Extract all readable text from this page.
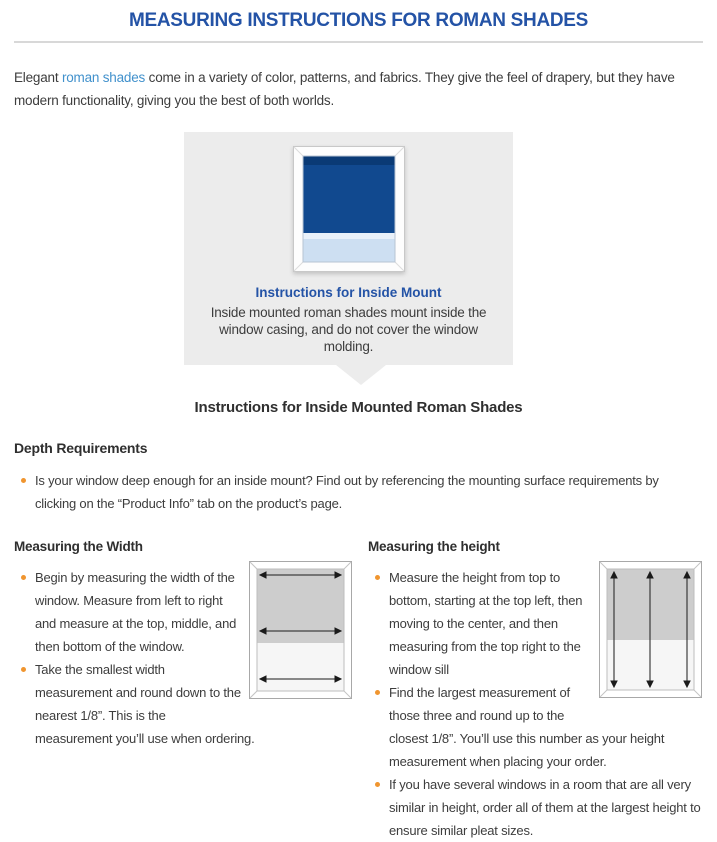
MEASURING INSTRUCTIONS FOR ROMAN SHADES

Elegant roman shades come in a variety of color, patterns, and fabrics. They give the feel of drapery, but they have modern functionality, giving you the best of both worlds.

Instructions for Inside Mount

Inside mounted roman shades mount inside the window casing, and do not cover the window molding.

Instructions for Inside Mounted Roman Shades
Depth Requirements
Is your window deep enough for an inside mount? Find out by referencing the mounting surface requirements by clicking on the “Product Info” tab on the product’s page.
Measuring the Width
Begin by measuring the width of the window. Measure from left to right and measure at the top, middle, and then bottom of the window.
Take the smallest width measurement and round down to the nearest 1/8”. This is the measurement you’ll use when ordering.
Measuring the height
Measure the height from top to bottom, starting at the top left, then moving to the center, and then measuring from the top right to the window sill
Find the largest measurement of those three and round up to the closest 1/8”. You’ll use this number as your height measurement when placing your order.
If you have several windows in a room that are all very similar in height, order all of them at the largest height to ensure similar pleat sizes.
